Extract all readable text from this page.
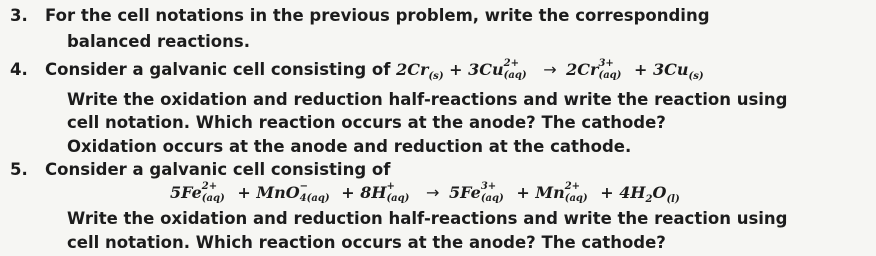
3. For the cell notations in the previous problem, write the corresponding
balanced reactions.
4. Consider a galvanic cell consisting of $2Cr_{(s)} + 3Cu$ 2+
(aq) → 2Cr 3+
$(aq) + 3Cu_{(s)}$
Write the oxidation and reduction half-reactions and write the reaction using
cell notation. Which reaction occurs at the anode? The cathode?
Oxidation occurs at the anode and reduction at the cathode.
5. Consider a galvanic cell consisting of
5Fe 2+
(aq) + MnO −
4(aq) + 8H +
(aq) → 5Fe 3+
(aq) + Mn 2+
$(aq) + 4H_2O_{(l)}$
Write the oxidation and reduction half-reactions and write the reaction using
cell notation. Which reaction occurs at the anode? The cathode?
